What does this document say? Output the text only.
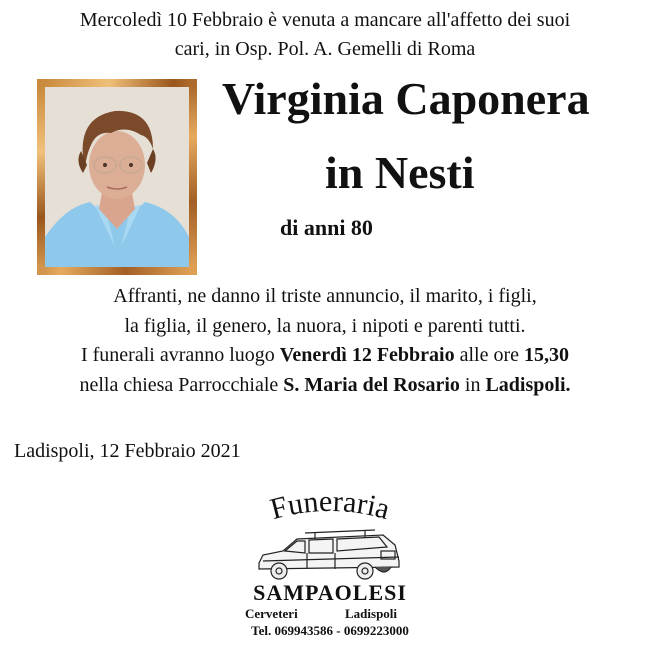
Mercoledì 10 Febbraio è venuta a mancare all'affetto dei suoi
cari, in Osp. Pol. A. Gemelli di Roma
Virginia Caponera
in Nesti
di anni 80
Affranti, ne danno il triste annuncio, il marito, i figli,
la figlia, il genero, la nuora, i nipoti e parenti tutti.
I funerali avranno luogo Venerdì 12 Febbraio alle ore 15,30
nella chiesa Parrocchiale S. Maria del Rosario in Ladispoli.
Ladispoli, 12 Febbraio 2021
Funeraria
SAMPAOLESI
Cerveteri	Ladispoli
Tel. 069943586 - 0699223000
